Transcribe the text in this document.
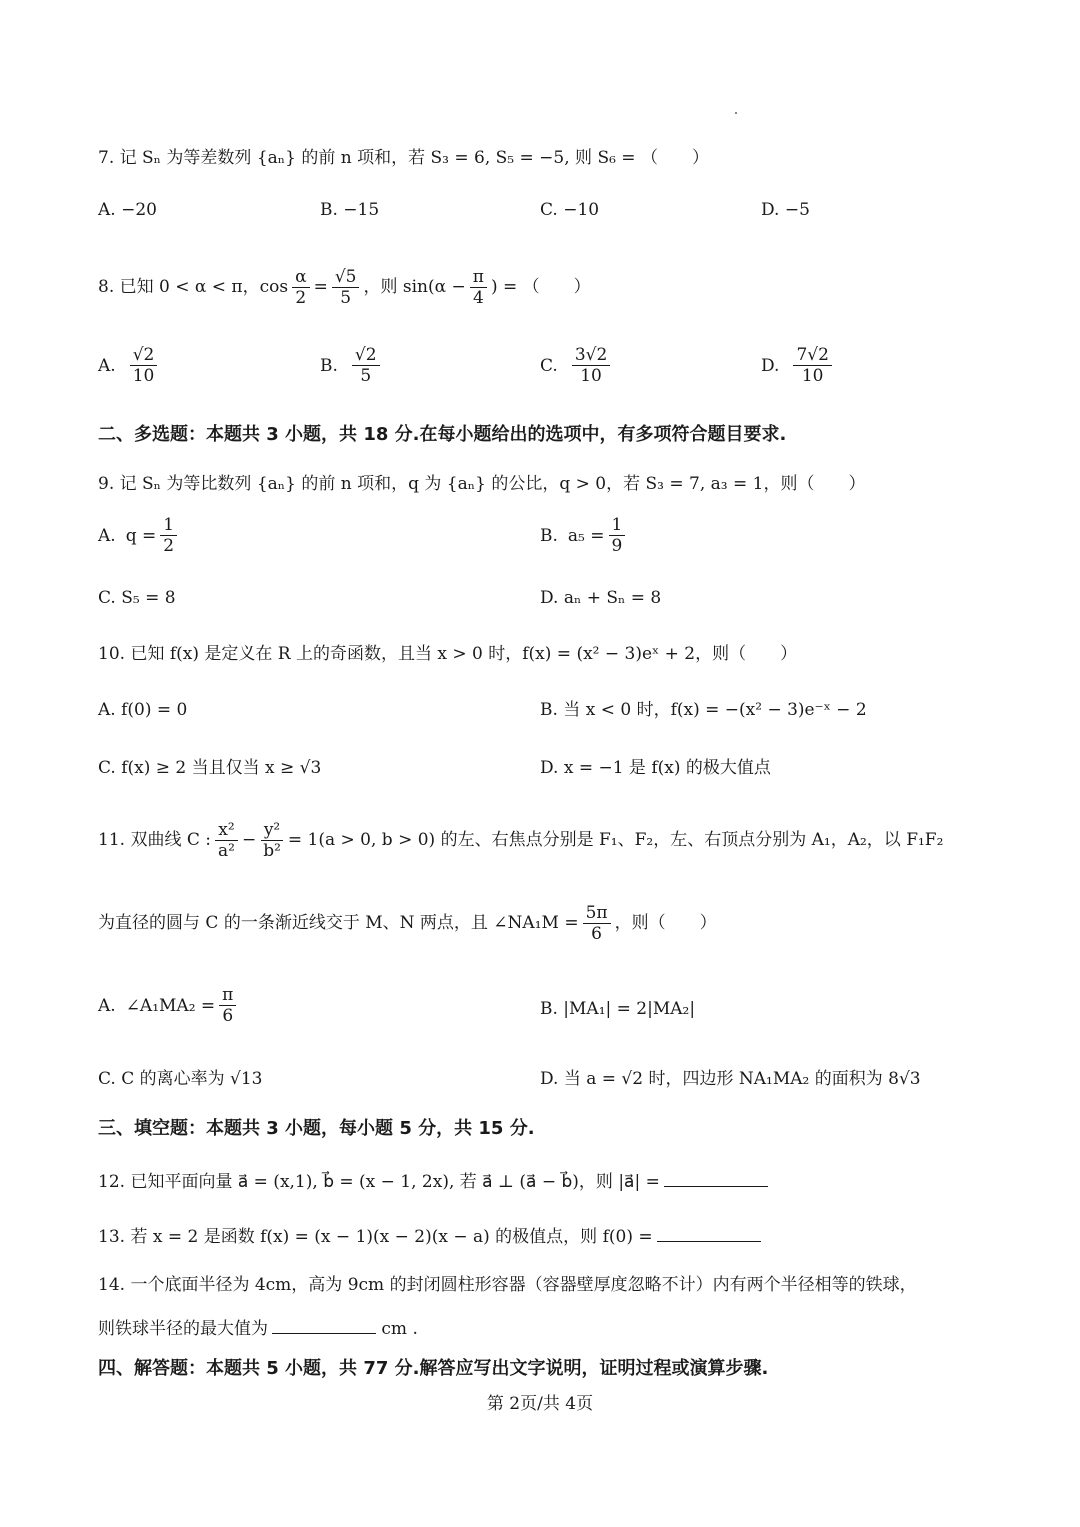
7. 记 Sₙ 为等差数列 {aₙ} 的前 n 项和，若 S₃ = 6, S₅ = −5, 则 S₆ = （　　）
A. −20	B. −15	C. −10	D. −5
8. 已知 0 < α < π，$\cos \frac{\alpha}{2} = \frac{√5}{5}$ ，则 $\sin(\alpha - \frac{\pi}{4}$ ) = （　　）
A. $\frac{√2}{10}$	B. $\frac{√2}{5}$	C. $\frac{3√2}{10}$	D. $\frac{7√2}{10}$
二、多选题：本题共 3 小题，共 18 分.在每小题给出的选项中，有多项符合题目要求.
9. 记 Sₙ 为等比数列 {aₙ} 的前 n 项和，q 为 {aₙ} 的公比，q > 0，若 S₃ = 7, a₃ = 1，则（　　）
A. $q = \frac{1}{2}$	B. $a_5 = \frac{1}{9}$
C. S₅ = 8	D. aₙ + Sₙ = 8
10. 已知 f(x) 是定义在 R 上的奇函数，且当 x > 0 时，f(x) = (x² − 3)eˣ + 2，则（　　）
A. f(0) = 0	B. 当 x < 0 时，f(x) = −(x² − 3)e⁻ˣ − 2
C. f(x) ≥ 2 当且仅当 x ≥ √3	D. x = −1 是 f(x) 的极大值点
11. 双曲线 C : $\frac{\text{x²}}{\text{a²}} - \frac{\text{y²}}{\text{b²}} = 1(a > 0$, b > 0) 的左、右焦点分别是 F₁、F₂，左、右顶点分别为 A₁，A₂，以 F₁F₂
为直径的圆与 C 的一条渐近线交于 M、N 两点，且 ∠NA₁M = $\frac{5\pi}{6}$ ，则（　　）
A. ∠A₁MA₂ = $\frac{\pi}{6}$	B. |MA₁| = 2|MA₂|
C. C 的离心率为 √13	D. 当 a = √2 时，四边形 NA₁MA₂ 的面积为 8√3
三、填空题：本题共 3 小题，每小题 5 分，共 15 分.
12. 已知平面向量 a⃗ = (x,1), b⃗ = (x − 1, 2x), 若 a⃗ ⊥ (a⃗ − b⃗)，则 |a⃗| =
13. 若 x = 2 是函数 f(x) = (x − 1)(x − 2)(x − a) 的极值点，则 f(0) =
14. 一个底面半径为 4cm，高为 9cm 的封闭圆柱形容器（容器壁厚度忽略不计）内有两个半径相等的铁球，
则铁球半径的最大值为	cm .
四、解答题：本题共 5 小题，共 77 分.解答应写出文字说明，证明过程或演算步骤.
第 2页/共 4页
